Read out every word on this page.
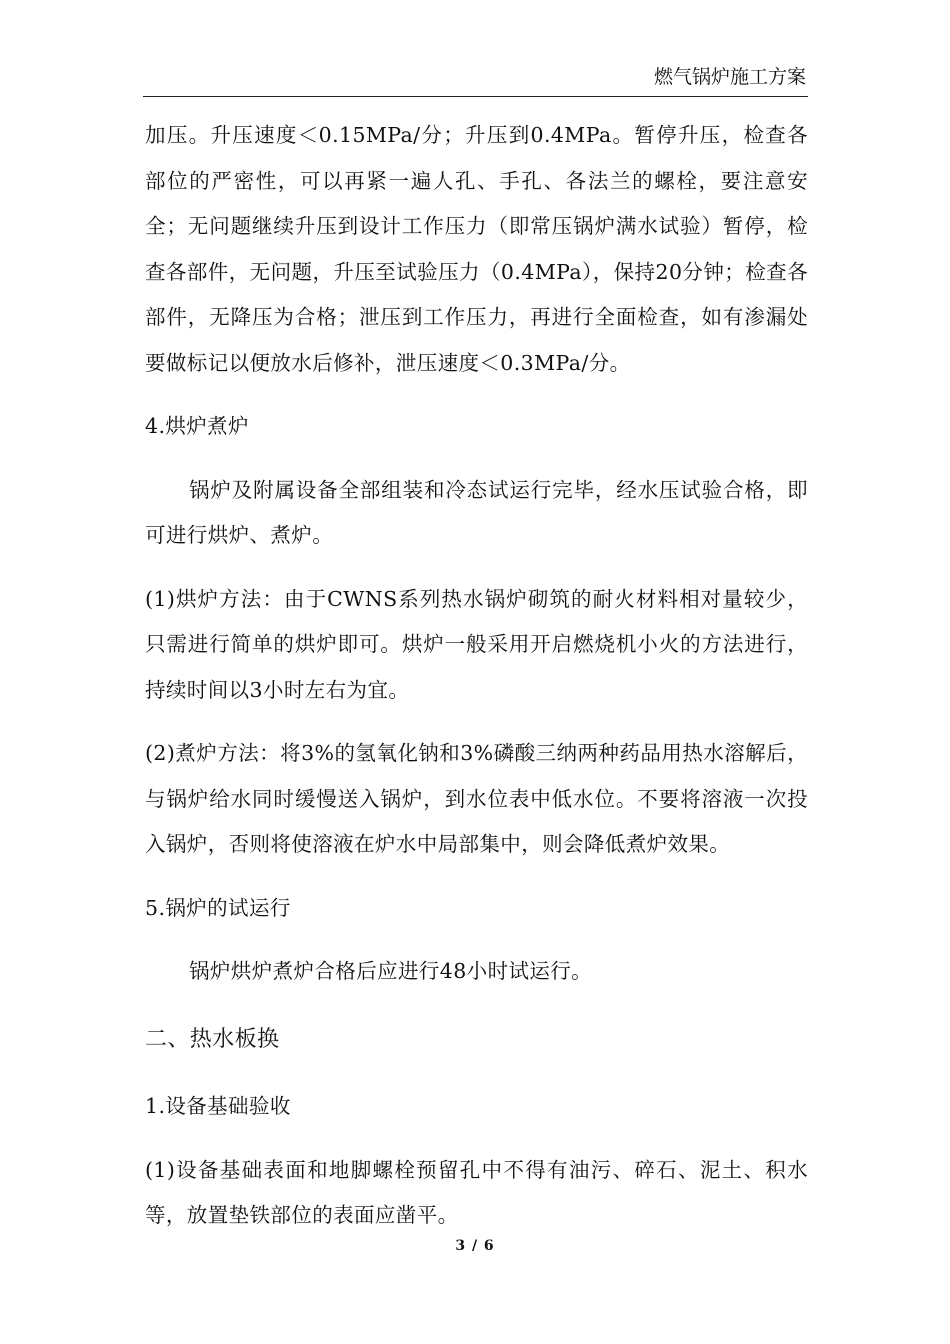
燃气锅炉施工方案

加压。升压速度＜0.15MPa/分；升压到0.4MPa。暂停升压，检查各部位的严密性，可以再紧一遍人孔、手孔、各法兰的螺栓，要注意安全；无问题继续升压到设计工作压力（即常压锅炉满水试验）暂停，检查各部件，无问题，升压至试验压力（0.4MPa），保持20分钟；检查各部件，无降压为合格；泄压到工作压力，再进行全面检查，如有渗漏处要做标记以便放水后修补，泄压速度＜0.3MPa/分。

4.烘炉煮炉

锅炉及附属设备全部组装和冷态试运行完毕，经水压试验合格，即可进行烘炉、煮炉。

(1)烘炉方法：由于CWNS系列热水锅炉砌筑的耐火材料相对量较少，只需进行简单的烘炉即可。烘炉一般采用开启燃烧机小火的方法进行，持续时间以3小时左右为宜。

(2)煮炉方法：将3%的氢氧化钠和3%磷酸三纳两种药品用热水溶解后，与锅炉给水同时缓慢送入锅炉，到水位表中低水位。不要将溶液一次投入锅炉，否则将使溶液在炉水中局部集中，则会降低煮炉效果。

5.锅炉的试运行

锅炉烘炉煮炉合格后应进行48小时试运行。

二、热水板换

1.设备基础验收

(1)设备基础表面和地脚螺栓预留孔中不得有油污、碎石、泥土、积水等，放置垫铁部位的表面应凿平。

3 / 6
